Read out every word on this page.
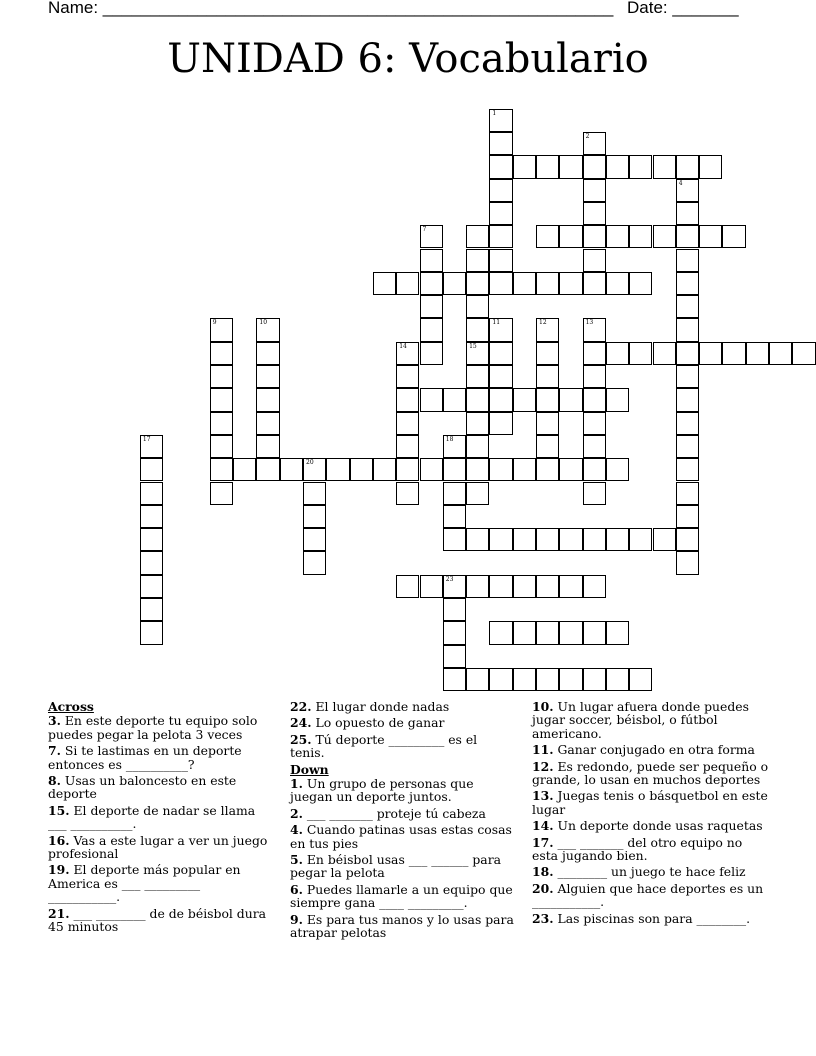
Name: ______________________________________________________ Date: _______
UNIDAD 6: Vocabulario
20
23
1
2
4
7
15
9	10	11	12	13
14
17	18
Across

3. En este deporte tu equipo solo puedes pegar la pelota 3 veces

7. Si te lastimas en un deporte entonces es __________?

8. Usas un baloncesto en este deporte

15. El deporte de nadar se llama ___ __________.

16. Vas a este lugar a ver un juego profesional

19. El deporte más popular en America es ___ _________ ___________.

21. ___ ________ de de béisbol dura 45 minutos

22. El lugar donde nadas

24. Lo opuesto de ganar

25. Tú deporte _________ es el tenis.

Down

1. Un grupo de personas que juegan un deporte juntos.

2. ___ _______ proteje tú cabeza

4. Cuando patinas usas estas cosas en tus pies

5. En béisbol usas ___ ______ para pegar la pelota

6. Puedes llamarle a un equipo que siempre gana ____ _________.

9. Es para tus manos y lo usas para atrapar pelotas

10. Un lugar afuera donde puedes jugar soccer, béisbol, o fútbol americano.

11. Ganar conjugado en otra forma

12. Es redondo, puede ser pequeño o grande, lo usan en muchos deportes

13. Juegas tenis o básquetbol en este lugar

14. Un deporte donde usas raquetas

17. ___ _______ del otro equipo no esta jugando bien.

18. ________ un juego te hace feliz

20. Alguien que hace deportes es un ___________.

23. Las piscinas son para ________.
